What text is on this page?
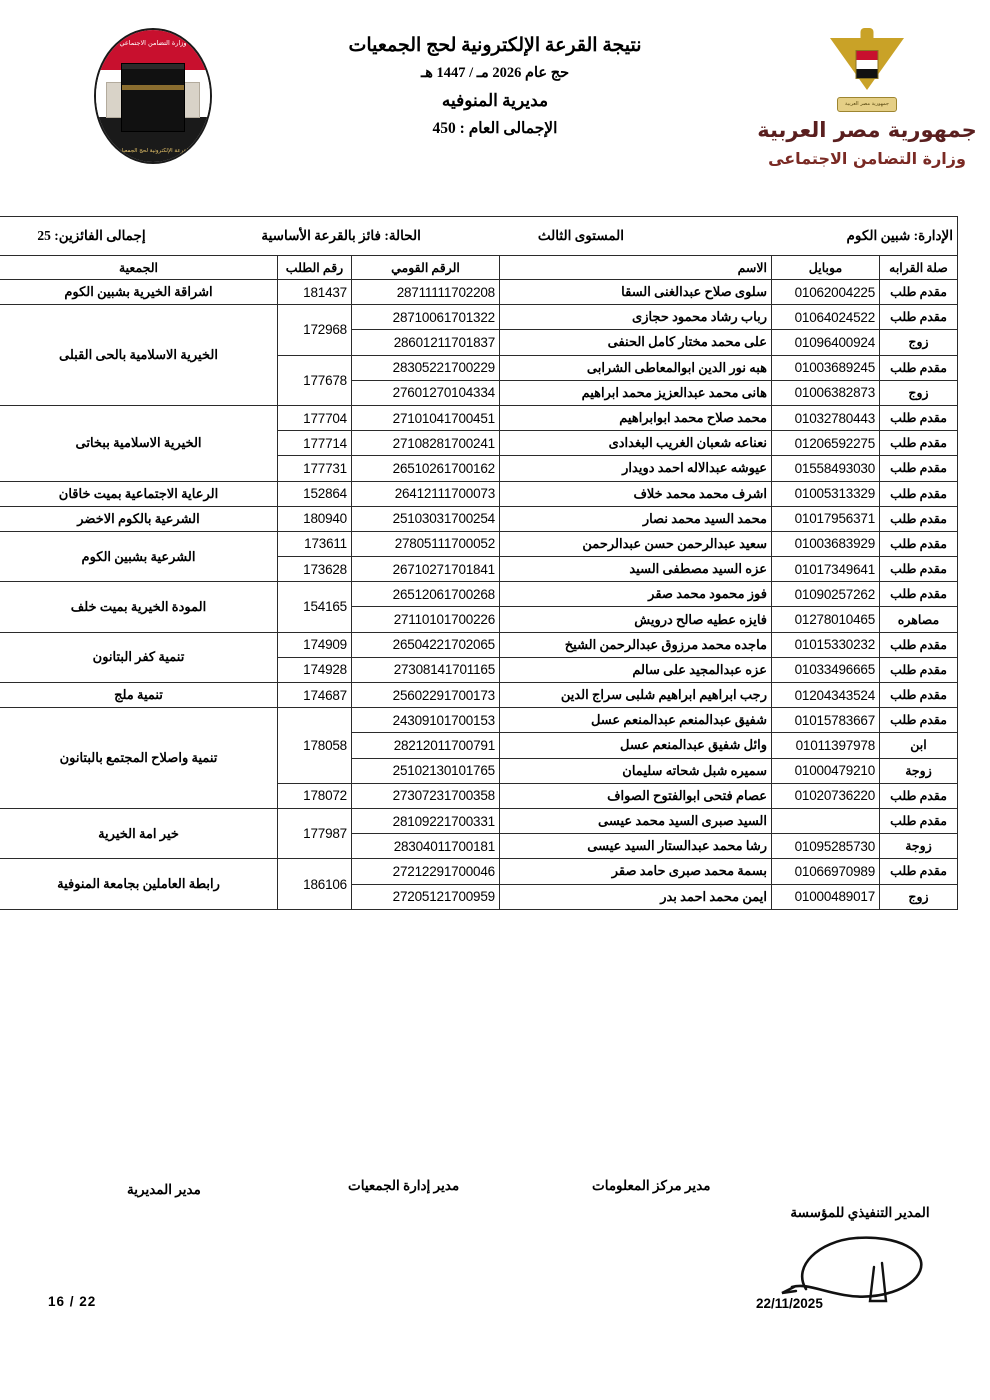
وزارة التضامن الاجتماعي
القرعة الإلكترونية لحج الجمعيات
نتيجة القرعة الإلكترونية لحج الجمعيات
حج عام 2026 مـ / 1447 هـ
مديرية المنوفيه
الإجمالى العام : 450
جمهورية مصر العربية
جمهورية مصر العربية
وزارة التضامن الاجتماعى
الإدارة: شبين الكوم
المستوى الثالث
الحالة: فائز بالقرعة الأساسية
إجمالى الفائزين: 25						

صلة القرابه	موبايل	الاسم	الرقم القومي	رقم الطلب	الجمعية	
مقدم طلب	01062004225	سلوى صلاح عبدالغنى السقا	28711111702208	181437	اشراقة الخيرية بشبين الكوم	
مقدم طلب	01064024522	رباب رشاد محمود حجازى	28710061701322	172968	الخيرية الاسلامية بالحى القبلى	
زوج	01096400924	على محمد مختار كامل الحنفى	28601211701837	
مقدم طلب	01003689245	هبه نور الدين ابوالمعاطى الشرابى	28305221700229	177678	
زوج	01006382873	هانى محمد عبدالعزيز محمد ابراهيم	27601270104334	
مقدم طلب	01032780443	محمد صلاح محمد ابوابراهيم	27101041700451	177704	الخيرية الاسلامية ببخاتى	
مقدم طلب	01206592275	نعناعه شعبان الغريب البغدادى	27108281700241	177714	
مقدم طلب	01558493030	عيوشه عبدالاله احمد دويدار	26510261700162	177731	
مقدم طلب	01005313329	اشرف محمد محمد خلاف	26412111700073	152864	الرعاية الاجتماعية بميت خاقان	
مقدم طلب	01017956371	محمد السيد محمد نصار	25103031700254	180940	الشرعية بالكوم الاخضر	
مقدم طلب	01003683929	سعيد عبدالرحمن حسن عبدالرحمن	27805111700052	173611	الشرعية بشبين الكوم	
مقدم طلب	01017349641	عزه السيد مصطفى السيد	26710271701841	173628	
مقدم طلب	01090257262	فوز محمود محمد صقر	26512061700268	154165	المودة الخيرية بميت خلف	
مصاهره	01278010465	فايزه عطيه صالح درويش	27110101700226	
مقدم طلب	01015330232	ماجده محمد مرزوق عبدالرحمن الشيخ	26504221702065	174909	تنمية كفر البتانون	
مقدم طلب	01033496665	عزه عبدالمجيد على سالم	27308141701165	174928	
مقدم طلب	01204343524	رجب ابراهيم ابراهيم شلبى سراج الدين	25602291700173	174687	تنمية ملج	
مقدم طلب	01015783667	شفيق عبدالمنعم عبدالمنعم عسل	24309101700153	178058	تنمية واصلاح المجتمع بالبتانون	
ابن	01011397978	وائل شفيق عبدالمنعم عسل	28212011700791	
زوجة	01000479210	سميره شبل شحاته سليمان	25102130101765	
مقدم طلب	01020736220	عصام فتحى ابوالفتوح الصواف	27307231700358	178072	
مقدم طلب		السيد صبرى السيد محمد عيسى	28109221700331	177987	خير امة الخيرية	
زوجة	01095285730	رشا محمد عبدالستار السيد عيسى	28304011700181	
مقدم طلب	01066970989	بسمة محمد صبرى حامد صقر	27212291700046	186106	رابطة العاملين بجامعة المنوفية	
زوج	01000489017	ايمن محمد احمد بدر	27205121700959	
مدير مركز المعلومات
مدير إدارة الجمعيات
مدير المديرية
المدير التنفيذي للمؤسسة
22/11/2025
16 / 22
